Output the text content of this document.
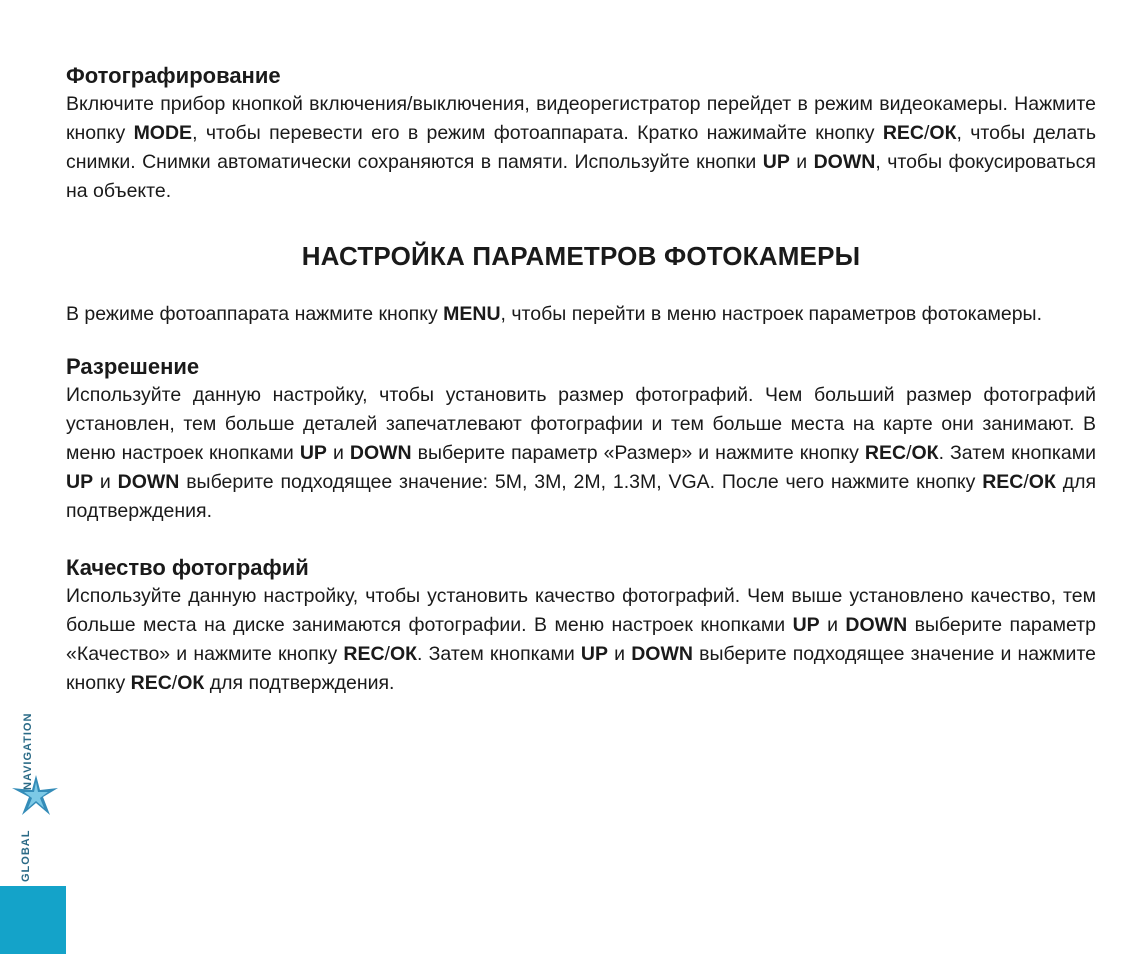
Фотографирование

Включите прибор кнопкой включения/выключения, видеорегистратор перейдет в режим видеокамеры. Нажмите кнопку MODE, чтобы перевести его в режим фотоаппарата. Кратко нажимайте кнопку REC/ОК, чтобы делать снимки. Снимки автоматически сохраняются в памяти. Используйте кнопки UP и DOWN, чтобы фокусироваться на объекте.

НАСТРОЙКА ПАРАМЕТРОВ ФОТОКАМЕРЫ

В режиме фотоаппарата нажмите кнопку MENU, чтобы перейти в меню настроек параметров фотокамеры.

Разрешение

Используйте данную настройку, чтобы установить размер фотографий. Чем больший размер фотографий установлен, тем больше деталей запечатлевают фотографии и тем больше места на карте они занимают. В меню настроек кнопками UP и DOWN выберите параметр «Размер» и нажмите кнопку REC/ОК. Затем кнопками UP и DOWN выберите подходящее значение: 5M, 3M, 2M, 1.3M, VGA. После чего нажмите кнопку REC/ОК для подтверждения.

Качество фотографий

Используйте данную настройку, чтобы установить качество фотографий. Чем выше установлено качество, тем больше места на диске занимаются фотографии. В меню настроек кнопками UP и DOWN выберите параметр «Качество» и нажмите кнопку REC/ОК. Затем кнопками UP и DOWN выберите подходящее значение и нажмите кнопку REC/ОК для подтверждения.

NAVIGATION
GLOBAL
